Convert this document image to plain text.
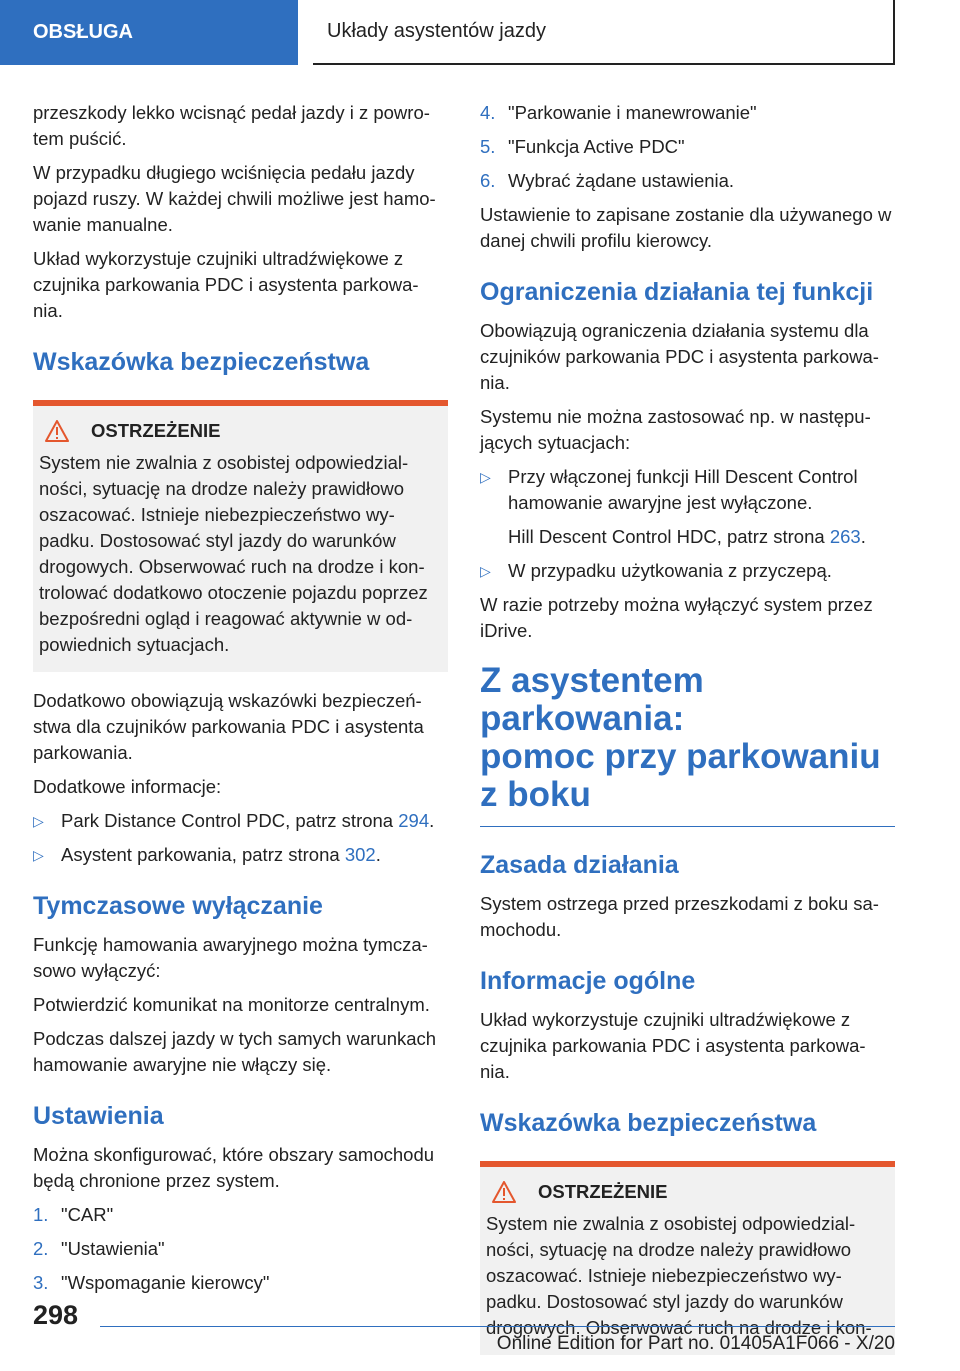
OBSŁUGA	Układy asystentów jazdy

przeszkody lekko wcisnąć pedał jazdy i z powro-tem puścić.

W przypadku długiego wciśnięcia pedału jazdy pojazd ruszy. W każdej chwili możliwe jest hamo-wanie manualne.

Układ wykorzystuje czujniki ultradźwiękowe z czujnika parkowania PDC i asystenta parkowa-nia.

Wskazówka bezpieczeństwa
OSTRZEŻENIE

System nie zwalnia z osobistej odpowiedzial-ności, sytuację na drodze należy prawidłowo oszacować. Istnieje niebezpieczeństwo wy-padku. Dostosować styl jazdy do warunków drogowych. Obserwować ruch na drodze i kon-trolować dodatkowo otoczenie pojazdu poprzez bezpośredni ogląd i reagować aktywnie w od-powiednich sytuacjach.

Dodatkowo obowiązują wskazówki bezpieczeń-stwa dla czujników parkowania PDC i asystenta parkowania.

Dodatkowe informacje:

▷ Park Distance Control PDC, patrz strona 294.
▷ Asystent parkowania, patrz strona 302.
Tymczasowe wyłączanie

Funkcję hamowania awaryjnego można tymcza-sowo wyłączyć:

Potwierdzić komunikat na monitorze centralnym.

Podczas dalszej jazdy w tych samych warunkach hamowanie awaryjne nie włączy się.

Ustawienia

Można skonfigurować, które obszary samochodu będą chronione przez system.

1. "CAR"
2. "Ustawienia"
3. "Wspomaganie kierowcy"
4. "Parkowanie i manewrowanie"
5. "Funkcja Active PDC"
6. Wybrać żądane ustawienia.

Ustawienie to zapisane zostanie dla używanego w danej chwili profilu kierowcy.

Ograniczenia działania tej funkcji

Obowiązują ograniczenia działania systemu dla czujników parkowania PDC i asystenta parkowa-nia.

Systemu nie można zastosować np. w następu-jących sytuacjach:

▷ Przy włączonej funkcji Hill Descent Control hamowanie awaryjne jest wyłączone.

Hill Descent Control HDC, patrz strona 263.

▷ W przypadku użytkowania z przyczepą.

W razie potrzeby można wyłączyć system przez iDrive.

Z asystentem parkowania:
pomoc przy parkowaniu
z boku
Zasada działania

System ostrzega przed przeszkodami z boku sa-mochodu.

Informacje ogólne

Układ wykorzystuje czujniki ultradźwiękowe z czujnika parkowania PDC i asystenta parkowa-nia.

Wskazówka bezpieczeństwa
OSTRZEŻENIE

System nie zwalnia z osobistej odpowiedzial-ności, sytuację na drodze należy prawidłowo oszacować. Istnieje niebezpieczeństwo wy-padku. Dostosować styl jazdy do warunków drogowych. Obserwować ruch na drodze i kon-

298
Online Edition for Part no. 01405A1F066 - X/20
